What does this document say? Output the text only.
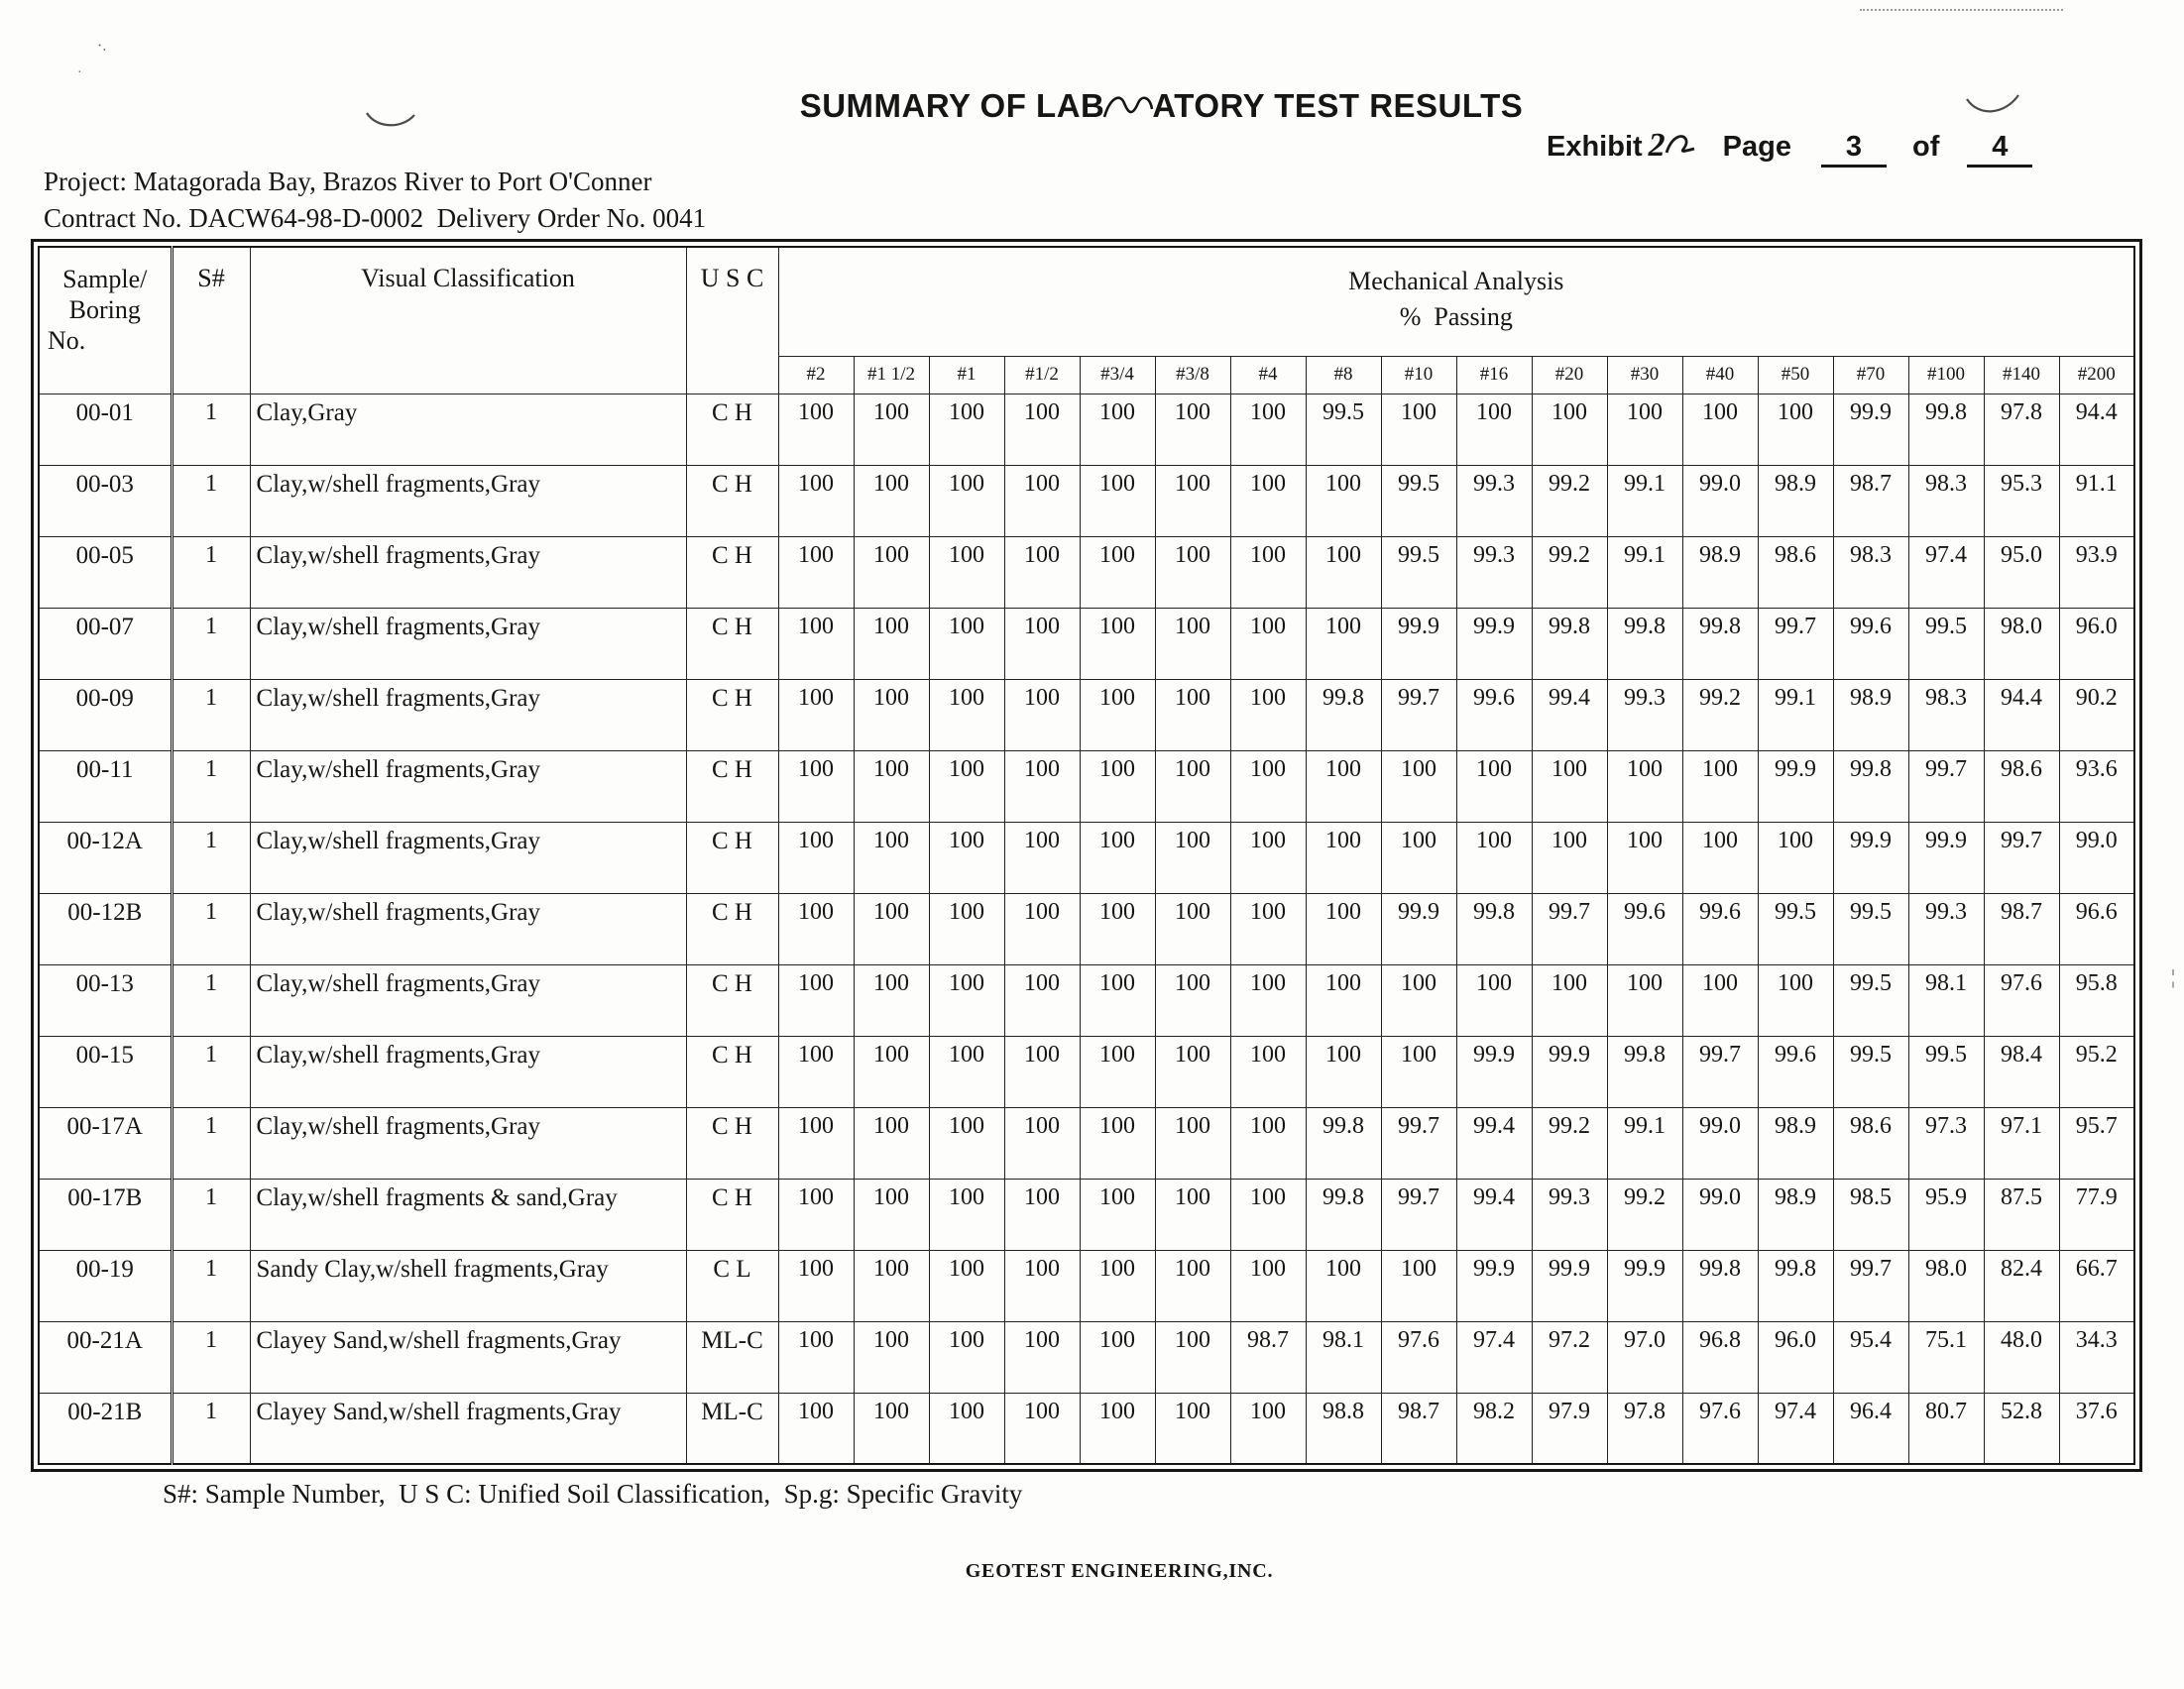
·.
·
¦
SUMMARY OF LAB ATORY TEST RESULTS
Exhibit 2 Page	3	of	4
Project: Matagorada Bay, Brazos River to Port O'Conner
Contract No. DACW64-98-D-0002  Delivery Order No. 0041
Sample/
Boring
No.
	S#	Visual Classification	U S C	Mechanical Analysis
%  Passing

				#2	#1 1/2	#1	#1/2	#3/4	#3/8	#4	#8	#10	#16	#20	#30	#40	#50	#70	#100	#140	#200
00-01	1	Clay,Gray	C H	100	100	100	100	100	100	100	99.5	100	100	100	100	100	100	99.9	99.8	97.8	94.4
00-03	1	Clay,w/shell fragments,Gray	C H	100	100	100	100	100	100	100	100	99.5	99.3	99.2	99.1	99.0	98.9	98.7	98.3	95.3	91.1
00-05	1	Clay,w/shell fragments,Gray	C H	100	100	100	100	100	100	100	100	99.5	99.3	99.2	99.1	98.9	98.6	98.3	97.4	95.0	93.9
00-07	1	Clay,w/shell fragments,Gray	C H	100	100	100	100	100	100	100	100	99.9	99.9	99.8	99.8	99.8	99.7	99.6	99.5	98.0	96.0
00-09	1	Clay,w/shell fragments,Gray	C H	100	100	100	100	100	100	100	99.8	99.7	99.6	99.4	99.3	99.2	99.1	98.9	98.3	94.4	90.2
00-11	1	Clay,w/shell fragments,Gray	C H	100	100	100	100	100	100	100	100	100	100	100	100	100	99.9	99.8	99.7	98.6	93.6
00-12A	1	Clay,w/shell fragments,Gray	C H	100	100	100	100	100	100	100	100	100	100	100	100	100	100	99.9	99.9	99.7	99.0
00-12B	1	Clay,w/shell fragments,Gray	C H	100	100	100	100	100	100	100	100	99.9	99.8	99.7	99.6	99.6	99.5	99.5	99.3	98.7	96.6
00-13	1	Clay,w/shell fragments,Gray	C H	100	100	100	100	100	100	100	100	100	100	100	100	100	100	99.5	98.1	97.6	95.8
00-15	1	Clay,w/shell fragments,Gray	C H	100	100	100	100	100	100	100	100	100	99.9	99.9	99.8	99.7	99.6	99.5	99.5	98.4	95.2
00-17A	1	Clay,w/shell fragments,Gray	C H	100	100	100	100	100	100	100	99.8	99.7	99.4	99.2	99.1	99.0	98.9	98.6	97.3	97.1	95.7
00-17B	1	Clay,w/shell fragments & sand,Gray	C H	100	100	100	100	100	100	100	99.8	99.7	99.4	99.3	99.2	99.0	98.9	98.5	95.9	87.5	77.9
00-19	1	Sandy Clay,w/shell fragments,Gray	C L	100	100	100	100	100	100	100	100	100	99.9	99.9	99.9	99.8	99.8	99.7	98.0	82.4	66.7
00-21A	1	Clayey Sand,w/shell fragments,Gray	ML-C	100	100	100	100	100	100	98.7	98.1	97.6	97.4	97.2	97.0	96.8	96.0	95.4	75.1	48.0	34.3
00-21B	1	Clayey Sand,w/shell fragments,Gray	ML-C	100	100	100	100	100	100	100	98.8	98.7	98.2	97.9	97.8	97.6	97.4	96.4	80.7	52.8	37.6
S#: Sample Number,  U S C: Unified Soil Classification,  Sp.g: Specific Gravity
GEOTEST ENGINEERING,INC.
